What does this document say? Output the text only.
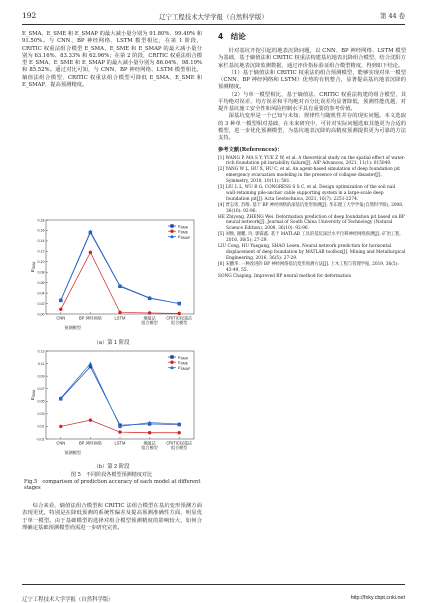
192	辽宁工程技术大学学报（自然科学版）	第 44 卷

E_SMA、E_SME 和 E_SMAP 的最大减小量分别为 91.80%、99.40% 和 91.50%。与 CNN、BP 神经网络、LSTM 模型相比，在第 1 阶段，CRITIC 权重法组合模型 E_SMA、E_SME 和 E_SMAP 的最大减小量分别为 63.16%、83.33% 和 62.96%；在第 2 阶段，CRITIC 权重法组合模型 E_SMA、E_SME 和 E_SMAP 的最大减小量分别为 86.04%、98.19% 和 85.52%。通过对比可知，与 CNN、BP 神经网络、LSTM 模型相比，熵值法组合模型、CRITIC 权重法组合模型可降低 E_SMA、E_SME 和 E_SMAP，提高预测精度。

0.00
0.02
0.04
0.06
0.08
0.10
0.12
0.14
0.16
0.18
CNN	BP 神经网络	LSTM	熵值法
组合模型
CRITIC权重法
组合模型
预测模型
$E_{SMA}$
$E_{SMA}$
$E_{SME}$
$E_{SMAP}$
（a）第 1 阶段
-0.01
0.01
0.03
0.05
0.07
0.09
0.11
0.13
CNN	BP 神经网络	LSTM	熵值法
组合模型
CRITIC权重法
组合模型
预测模型
$E_{SMA}$
$E_{SMA}$
$E_{SME}$
$E_{SMAP}$
（b）第 2 阶段
图 5　不同阶段各模型预测精度对比
Fig.5　comparison of prediction accuracy of each model at different stages

综合来看，熵值法组合模型和 CRITIC 法组合模型在基坑变形预测方面表现更优，特别是在降低预测的系统性偏差及提高预测准确性方面，明显优于单一模型。由于基础模型的选择对组合模型预测精度的影响较大，如何合理确定基础预测模型尚需进一步研究完善。

4　结论

针对基坑开挖引起的地表沉降问题，以 CNN、BP 神经网络、LSTM 模型为基础，基于熵值法和 CRITIC 权重法构建基坑地表沉降组合模型，结合沈阳方家栏基坑地表沉降监测数据，通过评价指标验证组合模型精度，得到如下结论。

（1）基于熵值法和 CRITIC 权重法的组合预测模型，能够实现对单一模型（CNN、BP 神经网络和 LSTM）优势的有机整合，显著提高基坑地表沉降的预测精度。

（2）与单一模型相比，基于熵值法、CRITIC 权重法构建的组合模型，其平均绝对误差、均方误差和平均绝对百分比误差均显著降低，预测性能优越，对提升基坑施工安全性和风险控制水平具有重要的参考价值。

深基坑变形是一个已知与未知、规律性与随机性并存的现实问题。本文选取的 3 种单一模型相对基础，在未来研究中，可针对实际问题选取其他更为合适的模型，进一步优化预测模型，为基坑地表沉降的高精度预测提供更为可靠的方法支持。

参考文献(References)：

[1] WANG P, MA S Y, YUE Z W, et al. A theoretical study on the spatial effect of water-rich foundation pit instability failure[J]. AIP Advances, 2021, 11(1): 015049.

[2] YANG W L, HU X, HU C, et al. An agent-based simulation of deep foundation pit emergency evacuation modeling in the presence of collapse disaster[J]. Symmetry, 2018, 10(11): 581.

[3] LIU L L, WU R G, CONGRESS S S C, et al. Design optimization of the soil nail wall-retaining pile-anchor cable supporting system in a large-scale deep foundation pit[J]. Acta Geotechnica, 2021, 16(7): 2251-2274.

[4] 贾志勇, 苏维. 基于 BP 神经网络的深基坑变形预测[J]. 华东理工大学学报(自然科学版), 2008, 36(10): 92-96.

HE Zhiyong, ZHENG Wei. Deformation prediction of deep foundation pit based on BP neural network[J]. Journal of South China University of Technology (Natural Science Edition), 2008, 36(10): 92-96.

[5] 刘焕, 谢鹏, 玲, 郭霖鑫. 基于 MATLAB 工具的基坑深层水平位移神经网络预测[J]. 矿冶工程, 2016, 36(5): 27-29.

LIU Cong, HU Yuegang, SHAO Lesen. Neural network prediction for horizontal displacement of deep foundation by MATLAB toolbox[J]. Mining and Metallurgical Engineering, 2016, 36(5): 27-29.

[6] 宋鹏华. 一种改进的 BP 神经网络基坑变形预测方法[J]. 土木工程与管理学报, 2019, 36(5): 43-49, 55.

SONG Chaping. Improved BP neural method for deformation

辽宁工程技术大学学报（自然科学版）	http://fxky.cbpt.cnki.net
